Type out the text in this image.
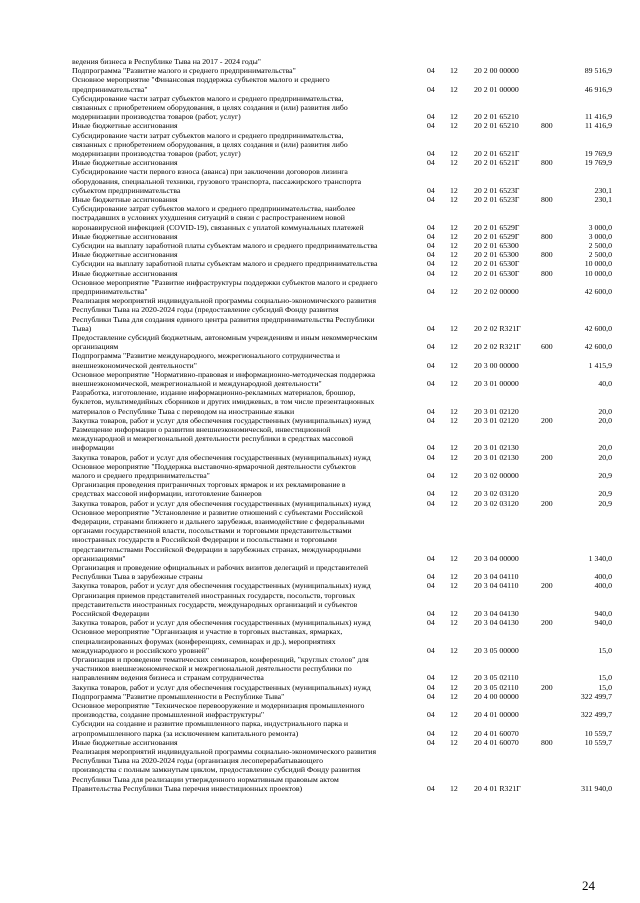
ведения бизнеса в Республике Тыва на 2017 - 2024 годы"
Подпрограмма "Развитие малого и среднего предпринимательства"	04 12 20 2 00 00000	89 516,9
Основное мероприятие "Финансовая поддержка субъектов малого и среднего
предпринимательства"	04 12 20 2 01 00000	46 916,9
Субсидирование части затрат субъектов малого и среднего предпринимательства,
связанных с приобретением оборудования, в целях создания и (или) развития либо
модернизации производства товаров (работ, услуг)	04 12 20 2 01 65210	11 416,9
Иные бюджетные ассигнования	04 12 20 2 01 65210	800	11 416,9
Субсидирование части затрат субъектов малого и среднего предпринимательства,
связанных с приобретением оборудования, в целях создания и (или) развития либо
модернизации производства товаров (работ, услуг)	04 12 20 2 01 6521Г	19 769,9
Иные бюджетные ассигнования	04 12 20 2 01 6521Г	800	19 769,9
Субсидирование части первого взноса (аванса) при заключении договоров лизинга
оборудования, специальной техники, грузового транспорта, пассажирского транспорта
субъектом предпринимательства	04 12 20 2 01 6523Г	230,1
Иные бюджетные ассигнования	04 12 20 2 01 6523Г	800	230,1
Субсидирование затрат субъектов малого и среднего предпринимательства, наиболее
пострадавших в условиях ухудшения ситуаций в связи с распространением новой
коронавирусной инфекцией (COVID-19), связанных с уплатой коммунальных платежей	04 12 20 2 01 6529Г	3 000,0
Иные бюджетные ассигнования	04 12 20 2 01 6529Г	800	3 000,0
Субсидии на выплату заработной платы субъектам малого и среднего предпринимательства	04 12 20 2 01 65300	2 500,0
Иные бюджетные ассигнования	04 12 20 2 01 65300	800	2 500,0
Субсидии на выплату заработной платы субъектам малого и среднего предпринимательства	04 12 20 2 01 6530Г	10 000,0
Иные бюджетные ассигнования	04 12 20 2 01 6530Г	800	10 000,0
Основное мероприятие "Развитие инфраструктуры поддержки субъектов малого и среднего
предпринимательства"	04 12 20 2 02 00000	42 600,0
Реализация мероприятий индивидуальной программы социально-экономического развития
Республики Тыва на 2020-2024 годы (предоставление субсидий Фонду развития
Республики Тыва для создания единого центра развития предпринимательства Республики
Тыва)	04 12 20 2 02 R321Г	42 600,0
Предоставление субсидий бюджетным, автономным учреждениям и иным некоммерческим
организациям	04 12 20 2 02 R321Г	600	42 600,0
Подпрограмма "Развитие международного, межрегионального сотрудничества и
внешнеэкономической деятельности"	04 12 20 3 00 00000	1 415,9
Основное мероприятие "Нормативно-правовая и информационно-методическая поддержка
внешнеэкономической, межрегиональной и международной деятельности"	04 12 20 3 01 00000	40,0
Разработка, изготовление, издание информационно-рекламных материалов, брошюр,
буклетов, мультимедийных сборников и других имиджевых, в том числе презентационных
материалов о Республике Тыва с переводом на иностранные языки	04 12 20 3 01 02120	20,0
Закупка товаров, работ и услуг для обеспечения государственных (муниципальных) нужд	04 12 20 3 01 02120	200	20,0
Размещение информации о развитии внешнеэкономической, инвестиционной
международной и межрегиональной деятельности республики в средствах массовой
информации	04 12 20 3 01 02130	20,0
Закупка товаров, работ и услуг для обеспечения государственных (муниципальных) нужд	04 12 20 3 01 02130	200	20,0
Основное мероприятие "Поддержка выставочно-ярмарочной деятельности субъектов
малого и среднего предпринимательства"	04 12 20 3 02 00000	20,9
Организация проведения приграничных торговых ярмарок и их рекламирование в
средствах массовой информации, изготовление баннеров	04 12 20 3 02 03120	20,9
Закупка товаров, работ и услуг для обеспечения государственных (муниципальных) нужд	04 12 20 3 02 03120	200	20,9
Основное мероприятие "Установление и развитие отношений с субъектами Российской
Федерации, странами ближнего и дальнего зарубежья, взаимодействие с федеральными
органами государственной власти, посольствами и торговыми представительствами
иностранных государств в Российской Федерации и посольствами и торговыми
представительствами Российской Федерации в зарубежных странах, международными
организациями"	04 12 20 3 04 00000	1 340,0
Организация и проведение официальных и рабочих визитов делегаций и представителей
Республики Тыва в зарубежные страны	04 12 20 3 04 04110	400,0
Закупка товаров, работ и услуг для обеспечения государственных (муниципальных) нужд	04 12 20 3 04 04110	200	400,0
Организация приемов представителей иностранных государств, посольств, торговых
представительств иностранных государств, международных организаций и субъектов
Российской Федерации	04 12 20 3 04 04130	940,0
Закупка товаров, работ и услуг для обеспечения государственных (муниципальных) нужд	04 12 20 3 04 04130	200	940,0
Основное мероприятие "Организация и участие в торговых выставках, ярмарках,
специализированных форумах (конференциях, семинарах и др.), мероприятиях
международного и российского уровней"	04 12 20 3 05 00000	15,0
Организация и проведение тематических семинаров, конференций, "круглых столов" для
участников внешнеэкономической и межрегиональной деятельности республики по
направлениям ведения бизнеса и странам сотрудничества	04 12 20 3 05 02110	15,0
Закупка товаров, работ и услуг для обеспечения государственных (муниципальных) нужд	04 12 20 3 05 02110	200	15,0
Подпрограмма "Развитие промышленности в Республике Тыва"	04 12 20 4 00 00000	322 499,7
Основное мероприятие "Техническое перевооружение и модернизация промышленного
производства, создание промышленной инфраструктуры"	04 12 20 4 01 00000	322 499,7
Субсидии на создание и развитие промышленного парка, индустриального парка и
агропромышленного парка (за исключением капитального ремонта)	04 12 20 4 01 60070	10 559,7
Иные бюджетные ассигнования	04 12 20 4 01 60070	800	10 559,7
Реализация мероприятий индивидуальной программы социально-экономического развития
Республики Тыва на 2020-2024 годы (организация лесоперерабатывающего
производства с полным замкнутым циклом, предоставление субсидий Фонду развития
Республики Тыва для реализации утвержденного нормативным правовым актом
Правительства Республики Тыва перечня инвестиционных проектов)	04 12 20 4 01 R321Г	311 940,0
24
